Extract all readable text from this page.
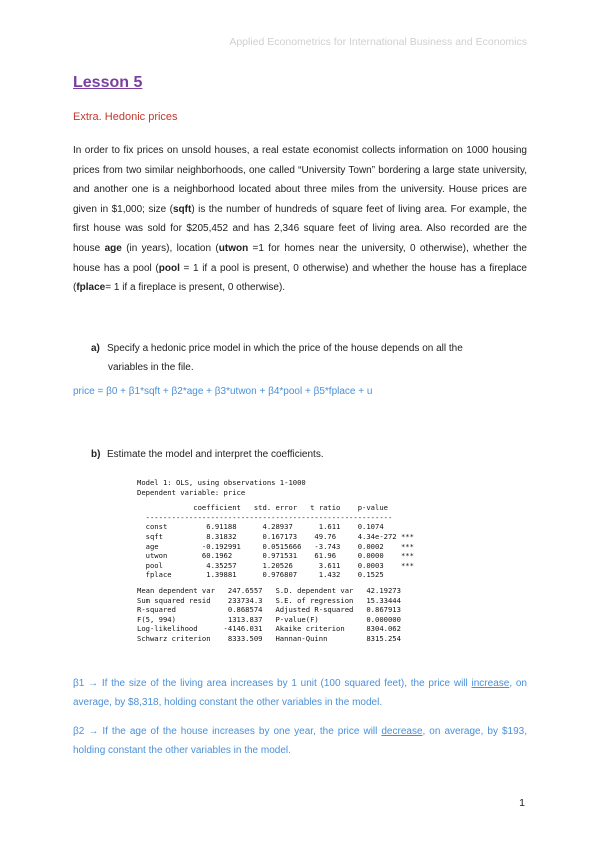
Applied Econometrics for International Business and Economics
Lesson 5
Extra. Hedonic prices
In order to fix prices on unsold houses, a real estate economist collects information on 1000 housing prices from two similar neighborhoods, one called “University Town” bordering a large state university, and another one is a neighborhood located about three miles from the university. House prices are given in $1,000; size (sqft) is the number of hundreds of square feet of living area. For example, the first house was sold for $205,452 and has 2,346 square feet of living area. Also recorded are the house age (in years), location (utwon =1 for homes near the university, 0 otherwise), whether the house has a pool (pool = 1 if a pool is present, 0 otherwise) and whether the house has a fireplace (fplace= 1 if a fireplace is present, 0 otherwise).
a) Specify a hedonic price model in which the price of the house depends on all the
variables in the file.
price = β0 + β1*sqft + β2*age + β3*utwon + β4*pool + β5*fplace + u
b) Estimate the model and interpret the coefficients.
Model 1: OLS, using observations 1-1000
Dependent variable: price
coefficient   std. error   t ratio    p-value
---------------------------------------------------------
const         6.91188      4.28937      1.611    0.1074
sqft          8.31832      0.167173    49.76     4.34e-272 ***
age          -0.192991     0.0515666   -3.743    0.0002    ***
utwon        60.1962       0.971531    61.96     0.0000    ***
pool          4.35257      1.20526      3.611    0.0003    ***
fplace        1.39881      0.976807     1.432    0.1525
Mean dependent var   247.6557   S.D. dependent var   42.19273
Sum squared resid    233734.3   S.E. of regression   15.33444
R-squared            0.868574   Adjusted R-squared   0.867913
F(5, 994)            1313.837   P-value(F)           0.000000
Log-likelihood      -4146.031   Akaike criterion     8304.062
Schwarz criterion    8333.509   Hannan-Quinn         8315.254
β1 → If the size of the living area increases by 1 unit (100 squared feet), the price will increase, on average, by $8,318, holding constant the other variables in the model.
β2 → If the age of the house increases by one year, the price will decrease, on average, by $193, holding constant the other variables in the model.
1
